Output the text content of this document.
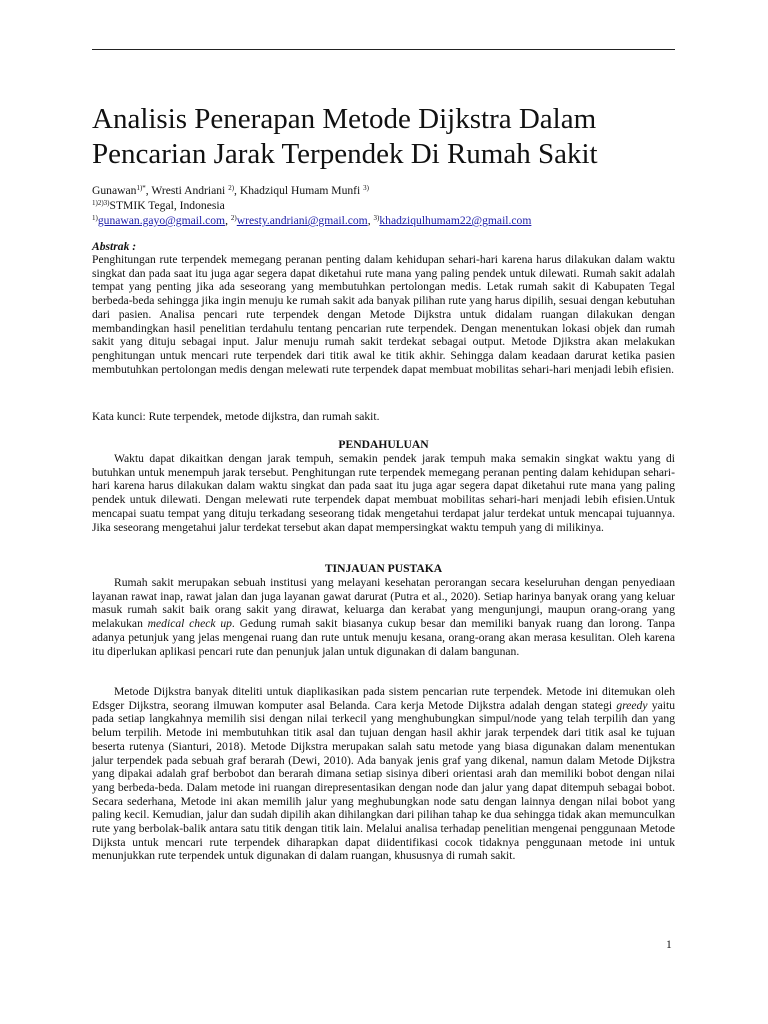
Analisis Penerapan Metode Dijkstra Dalam
Pencarian Jarak Terpendek Di Rumah Sakit
Gunawan$^{1)*}$, Wresti Andriani $^{2)}$, Khadziqul Humam Munfi $^{3)}$
$^{1)2)3)}$STMIK Tegal, Indonesia
$^{1)}$gunawan.gayo@gmail.com, $^{2)}$wresty.andriani@gmail.com, $^{3)}$khadziqulhumam22@gmail.com
Abstrak :

Penghitungan rute terpendek memegang peranan penting dalam kehidupan sehari-hari karena harus dilakukan dalam waktu singkat dan pada saat itu juga agar segera dapat diketahui rute mana yang paling pendek untuk dilewati. Rumah sakit adalah tempat yang penting jika ada seseorang yang membutuhkan pertolongan medis. Letak rumah sakit di Kabupaten Tegal berbeda-beda sehingga jika ingin menuju ke rumah sakit ada banyak pilihan rute yang harus dipilih, sesuai dengan kebutuhan dari pasien. Analisa pencari rute terpendek dengan Metode Dijkstra untuk didalam ruangan dilakukan dengan membandingkan hasil penelitian terdahulu tentang pencarian rute terpendek. Dengan menentukan lokasi objek dan rumah sakit yang dituju sebagai input. Jalur menuju rumah sakit terdekat sebagai output. Metode Djikstra akan melakukan penghitungan untuk mencari rute terpendek dari titik awal ke titik akhir. Sehingga dalam keadaan darurat ketika pasien membutuhkan pertolongan medis dengan melewati rute terpendek dapat membuat mobilitas sehari-hari menjadi lebih efisien.

Kata kunci: Rute terpendek, metode dijkstra, dan rumah sakit.

PENDAHULUAN

Waktu dapat dikaitkan dengan jarak tempuh, semakin pendek jarak tempuh maka semakin singkat waktu yang di butuhkan untuk menempuh jarak tersebut. Penghitungan rute terpendek memegang peranan penting dalam kehidupan sehari-hari karena harus dilakukan dalam waktu singkat dan pada saat itu juga agar segera dapat diketahui rute mana yang paling pendek untuk dilewati. Dengan melewati rute terpendek dapat membuat mobilitas sehari-hari menjadi lebih efisien.Untuk mencapai suatu tempat yang dituju terkadang seseorang tidak mengetahui terdapat jalur terdekat untuk mencapai tujuannya. Jika seseorang mengetahui jalur terdekat tersebut akan dapat mempersingkat waktu tempuh yang di milikinya.

TINJAUAN PUSTAKA

Rumah sakit merupakan sebuah institusi yang melayani kesehatan perorangan secara keseluruhan dengan penyediaan layanan rawat inap, rawat jalan dan juga layanan gawat darurat (Putra et al., 2020). Setiap harinya banyak orang yang keluar masuk rumah sakit baik orang sakit yang dirawat, keluarga dan kerabat yang mengunjungi, maupun orang-orang yang melakukan medical check up. Gedung rumah sakit biasanya cukup besar dan memiliki banyak ruang dan lorong. Tanpa adanya petunjuk yang jelas mengenai ruang dan rute untuk menuju kesana, orang-orang akan merasa kesulitan. Oleh karena itu diperlukan aplikasi pencari rute dan penunjuk jalan untuk digunakan di dalam bangunan.

Metode Dijkstra banyak diteliti untuk diaplikasikan pada sistem pencarian rute terpendek. Metode ini ditemukan oleh Edsger Dijkstra, seorang ilmuwan komputer asal Belanda. Cara kerja Metode Dijkstra adalah dengan stategi greedy yaitu pada setiap langkahnya memilih sisi dengan nilai terkecil yang menghubungkan simpul/node yang telah terpilih dan yang belum terpilih. Metode ini membutuhkan titik asal dan tujuan dengan hasil akhir jarak terpendek dari titik asal ke tujuan beserta rutenya (Sianturi, 2018). Metode Dijkstra merupakan salah satu metode yang biasa digunakan dalam menentukan jalur terpendek pada sebuah graf berarah (Dewi, 2010). Ada banyak jenis graf yang dikenal, namun dalam Metode Dijkstra yang dipakai adalah graf berbobot dan berarah dimana setiap sisinya diberi orientasi arah dan memiliki bobot dengan nilai yang berbeda-beda. Dalam metode ini ruangan direpresentasikan dengan node dan jalur yang dapat ditempuh sebagai bobot. Secara sederhana, Metode ini akan memilih jalur yang meghubungkan node satu dengan lainnya dengan nilai bobot yang paling kecil. Kemudian, jalur dan sudah dipilih akan dihilangkan dari pilihan tahap ke dua sehingga tidak akan memunculkan rute yang berbolak-balik antara satu titik dengan titik lain. Melalui analisa terhadap penelitian mengenai penggunaan Metode Dijksta untuk mencari rute terpendek diharapkan dapat diidentifikasi cocok tidaknya penggunaan metode ini untuk menunjukkan rute terpendek untuk digunakan di dalam ruangan, khususnya di rumah sakit.

1
